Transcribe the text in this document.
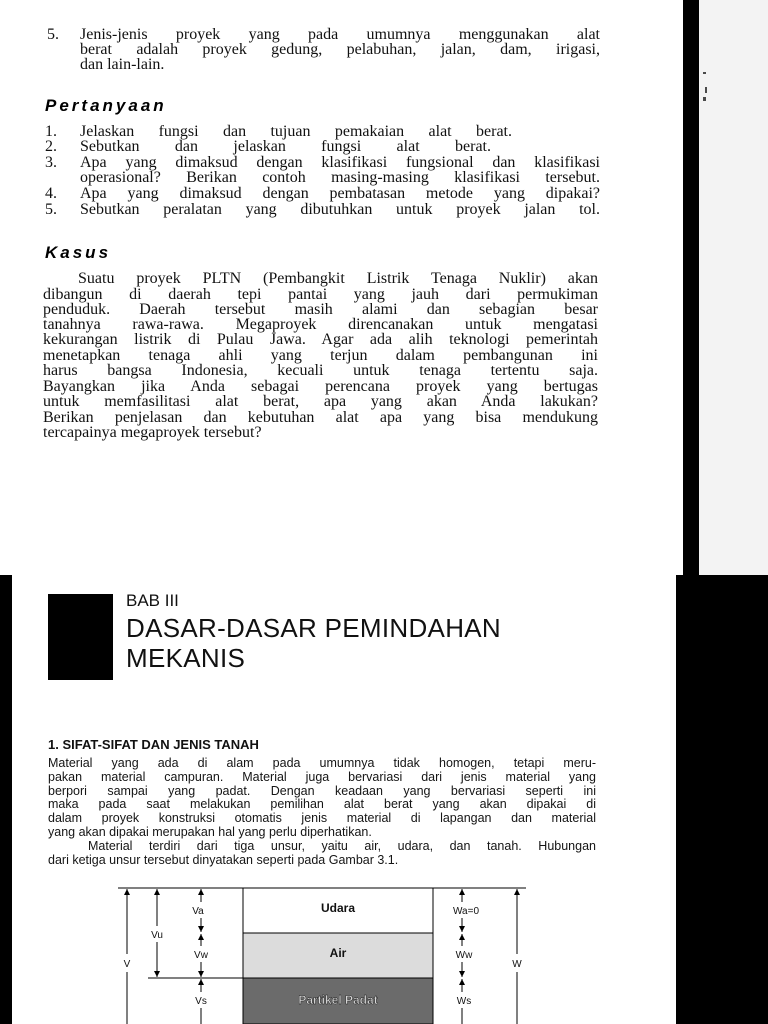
5. Jenis-jenis proyek yang pada umumnya menggunakan alat
berat adalah proyek gedung, pelabuhan, jalan, dam, irigasi,
dan lain-lain.
Pertanyaan
1. Jelaskan fungsi dan tujuan pemakaian alat berat.
2. Sebutkan dan jelaskan fungsi alat berat.
3. Apa yang dimaksud dengan klasifikasi fungsional dan klasifikasi
operasional? Berikan contoh masing-masing klasifikasi tersebut.
4. Apa yang dimaksud dengan pembatasan metode yang dipakai?
5. Sebutkan peralatan yang dibutuhkan untuk proyek jalan tol.
Kasus
Suatu proyek PLTN (Pembangkit Listrik Tenaga Nuklir) akan
dibangun di daerah tepi pantai yang jauh dari permukiman
penduduk. Daerah tersebut masih alami dan sebagian besar
tanahnya rawa-rawa. Megaproyek direncanakan untuk mengatasi
kekurangan listrik di Pulau Jawa. Agar ada alih teknologi pemerintah
menetapkan tenaga ahli yang terjun dalam pembangunan ini
harus bangsa Indonesia, kecuali untuk tenaga tertentu saja.
Bayangkan jika Anda sebagai perencana proyek yang bertugas
untuk memfasilitasi alat berat, apa yang akan Anda lakukan?
Berikan penjelasan dan kebutuhan alat apa yang bisa mendukung
tercapainya megaproyek tersebut?
BAB III
DASAR-DASAR PEMINDAHAN
MEKANIS
1. SIFAT-SIFAT DAN JENIS TANAH
Material yang ada di alam pada umumnya tidak homogen, tetapi meru-
pakan material campuran. Material juga bervariasi dari jenis material yang
berpori sampai yang padat. Dengan keadaan yang bervariasi seperti ini
maka pada saat melakukan pemilihan alat berat yang akan dipakai di
dalam proyek konstruksi otomatis jenis material di lapangan dan material
yang akan dipakai merupakan hal yang perlu diperhatikan.
Material terdiri dari tiga unsur, yaitu air, udara, dan tanah. Hubungan
dari ketiga unsur tersebut dinyatakan seperti pada Gambar 3.1.
Udara
Air
Partikel Padat
V
Vu
Va
Vw
Vs
Wa=0
Ww
Ws
W
